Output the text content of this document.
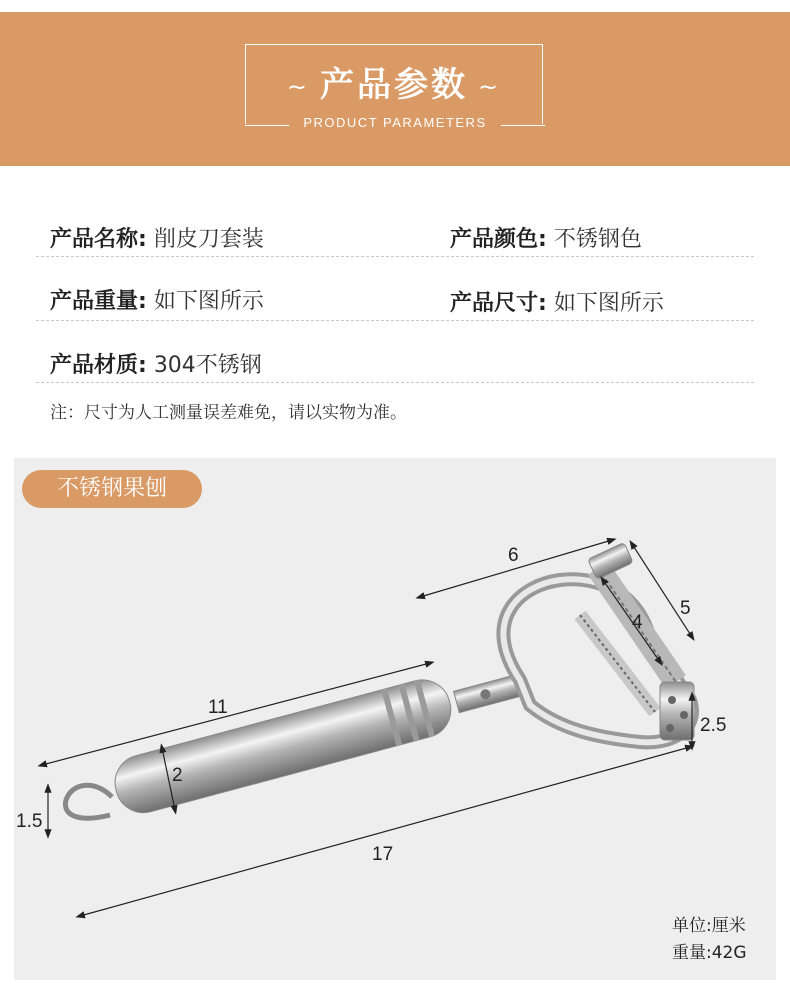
~ 产品参数 ~
PRODUCT PARAMETERS
产品名称: 削皮刀套装	产品颜色: 不锈钢色
产品重量: 如下图所示	产品尺寸: 如下图所示
产品材质: 304不锈钢
注：尺寸为人工测量误差难免，请以实物为准。
不锈钢果刨
6
5
4
11
17
2
2.5
1.5
单位:厘米
重量:42G
